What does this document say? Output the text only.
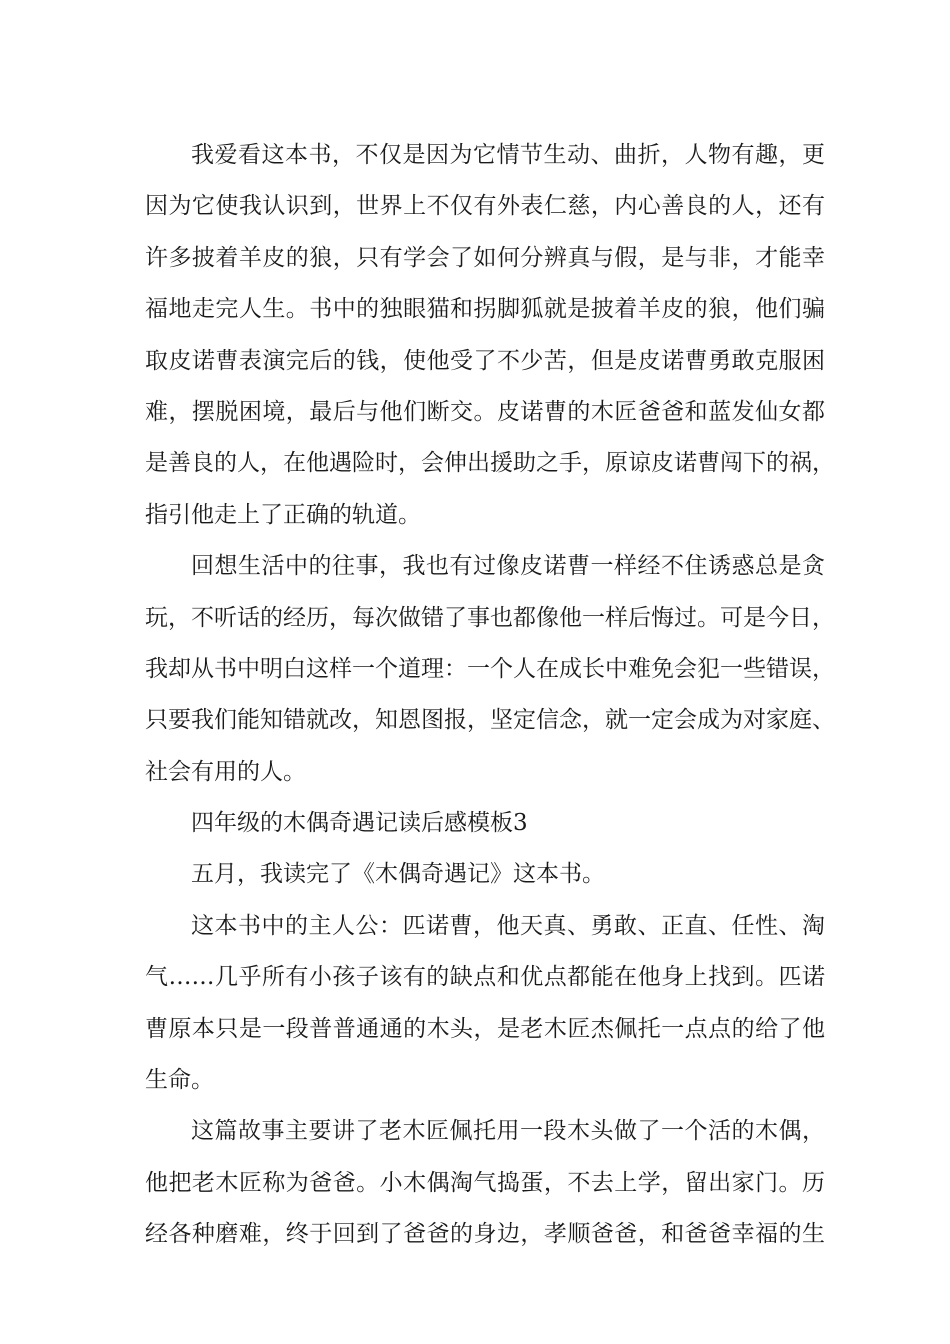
我爱看这本书，不仅是因为它情节生动、曲折，人物有趣，更
因为它使我认识到，世界上不仅有外表仁慈，内心善良的人，还有
许多披着羊皮的狼，只有学会了如何分辨真与假，是与非，才能幸
福地走完人生。书中的独眼猫和拐脚狐就是披着羊皮的狼，他们骗
取皮诺曹表演完后的钱，使他受了不少苦，但是皮诺曹勇敢克服困
难，摆脱困境，最后与他们断交。皮诺曹的木匠爸爸和蓝发仙女都
是善良的人，在他遇险时，会伸出援助之手，原谅皮诺曹闯下的祸，
指引他走上了正确的轨道。
回想生活中的往事，我也有过像皮诺曹一样经不住诱惑总是贪
玩，不听话的经历，每次做错了事也都像他一样后悔过。可是今日，
我却从书中明白这样一个道理：一个人在成长中难免会犯一些错误，
只要我们能知错就改，知恩图报，坚定信念，就一定会成为对家庭、
社会有用的人。
四年级的木偶奇遇记读后感模板3
五月，我读完了《木偶奇遇记》这本书。
这本书中的主人公：匹诺曹，他天真、勇敢、正直、任性、淘
气……几乎所有小孩子该有的缺点和优点都能在他身上找到。匹诺
曹原本只是一段普普通通的木头，是老木匠杰佩托一点点的给了他
生命。
这篇故事主要讲了老木匠佩托用一段木头做了一个活的木偶，
他把老木匠称为爸爸。小木偶淘气捣蛋，不去上学，留出家门。历
经各种磨难，终于回到了爸爸的身边，孝顺爸爸，和爸爸幸福的生
